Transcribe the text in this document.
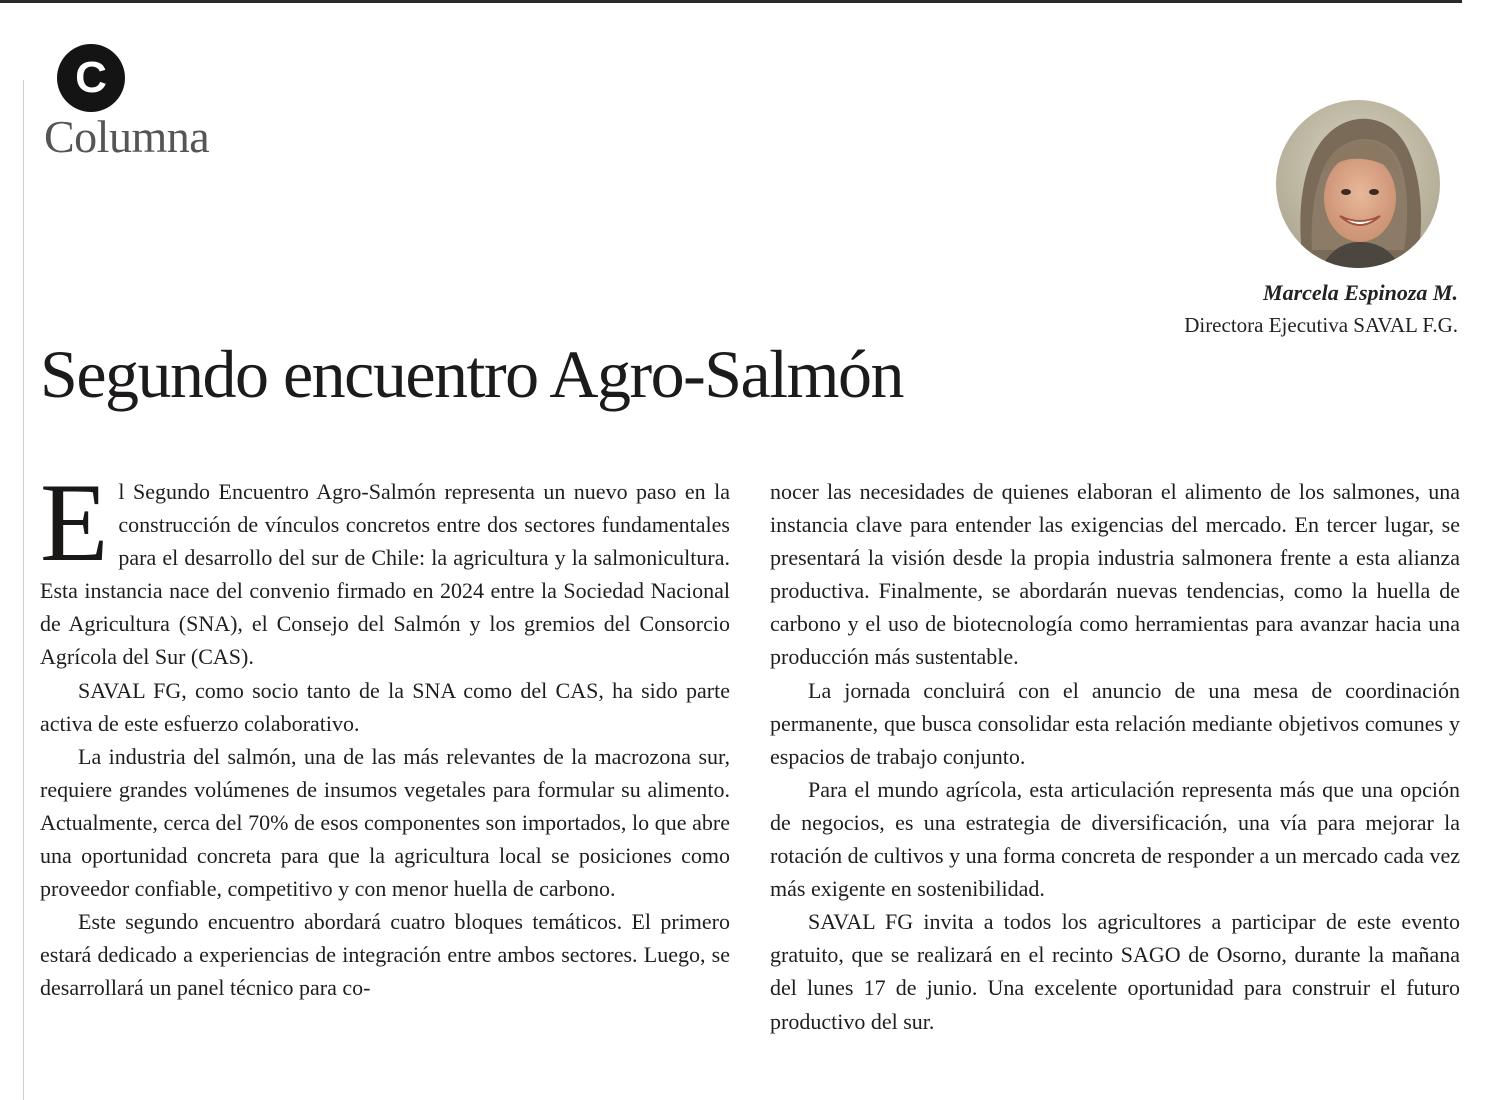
C
Columna
Marcela Espinoza M.
Directora Ejecutiva SAVAL F.G.
Segundo encuentro Agro-Salmón

El Segundo Encuentro Agro-Salmón representa un nuevo paso en la construcción de vínculos concretos entre dos sectores fundamentales para el desarrollo del sur de Chile: la agricultura y la salmonicultura. Esta instancia nace del convenio firmado en 2024 entre la Sociedad Nacional de Agricultura (SNA), el Consejo del Salmón y los gremios del Consorcio Agrícola del Sur (CAS).

SAVAL FG, como socio tanto de la SNA como del CAS, ha sido parte activa de este esfuerzo colaborativo.

La industria del salmón, una de las más relevantes de la macrozona sur, requiere grandes volúmenes de insumos vegetales para formular su alimento. Actualmente, cerca del 70% de esos componentes son importados, lo que abre una oportunidad concreta para que la agricultura local se posiciones como proveedor confiable, competitivo y con menor huella de carbono.

Este segundo encuentro abordará cuatro bloques temáticos. El primero estará dedicado a experiencias de integración entre ambos sectores. Luego, se desarrollará un panel técnico para co-

nocer las necesidades de quienes elaboran el alimento de los salmones, una instancia clave para entender las exigencias del mercado. En tercer lugar, se presentará la visión desde la propia industria salmonera frente a esta alianza productiva. Finalmente, se abordarán nuevas tendencias, como la huella de carbono y el uso de biotecnología como herramientas para avanzar hacia una producción más sustentable.

La jornada concluirá con el anuncio de una mesa de coordinación permanente, que busca consolidar esta relación mediante objetivos comunes y espacios de trabajo conjunto.

Para el mundo agrícola, esta articulación representa más que una opción de negocios, es una estrategia de diversificación, una vía para mejorar la rotación de cultivos y una forma concreta de responder a un mercado cada vez más exigente en sostenibilidad.

SAVAL FG invita a todos los agricultores a participar de este evento gratuito, que se realizará en el recinto SAGO de Osorno, durante la mañana del lunes 17 de junio. Una excelente oportunidad para construir el futuro productivo del sur.
